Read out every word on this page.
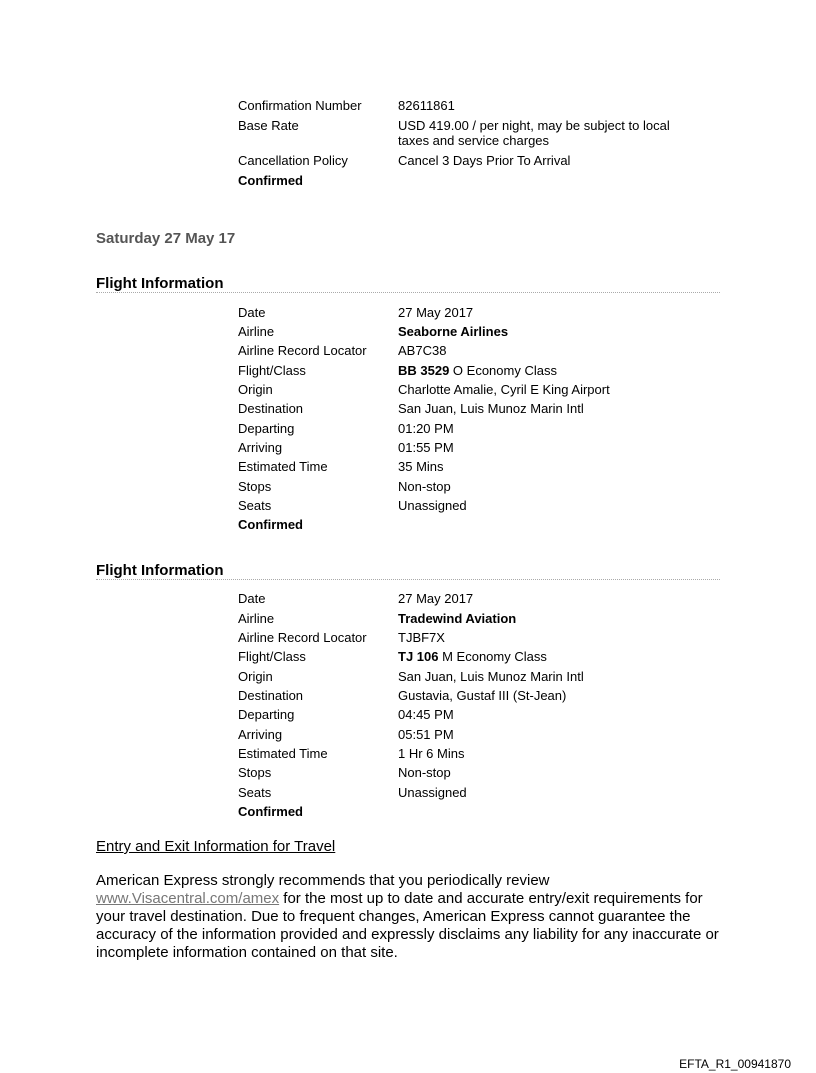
Confirmation Number	82611861
Base Rate	USD 419.00 / per night, may be subject to local taxes and service charges
Cancellation Policy	Cancel 3 Days Prior To Arrival
Confirmed
Saturday 27 May 17
Flight Information
Date	27 May 2017
Airline	Seaborne Airlines
Airline Record Locator AB7C38
Flight/Class	BB 3529 O Economy Class
Origin	Charlotte Amalie, Cyril E King Airport
Destination	San Juan, Luis Munoz Marin Intl
Departing	01:20 PM
Arriving	01:55 PM
Estimated Time	35 Mins
Stops	Non-stop
Seats	Unassigned
Confirmed
Flight Information
Date	27 May 2017
Airline	Tradewind Aviation
Airline Record Locator TJBF7X
Flight/Class	TJ 106 M Economy Class
Origin	San Juan, Luis Munoz Marin Intl
Destination	Gustavia, Gustaf III (St-Jean)
Departing	04:45 PM
Arriving	05:51 PM
Estimated Time	1 Hr 6 Mins
Stops	Non-stop
Seats	Unassigned
Confirmed
Entry and Exit Information for Travel
American Express strongly recommends that you periodically review www.Visacentral.com/amex for the most up to date and accurate entry/exit requirements for your travel destination. Due to frequent changes, American Express cannot guarantee the accuracy of the information provided and expressly disclaims any liability for any inaccurate or incomplete information contained on that site.
EFTA_R1_00941870
